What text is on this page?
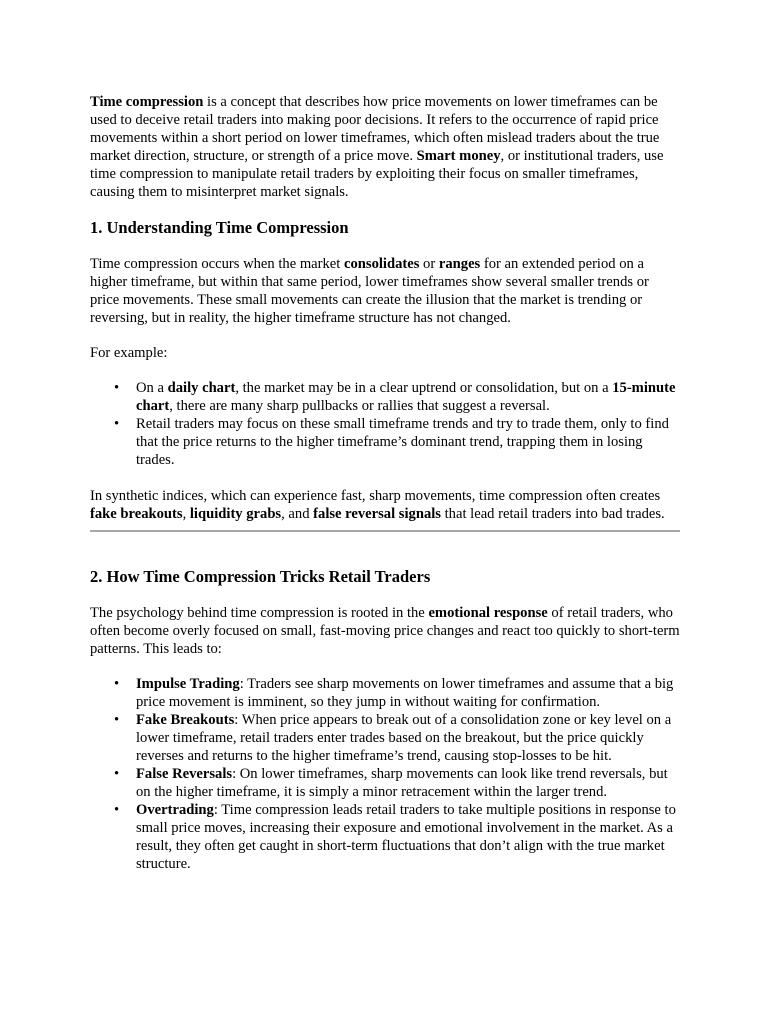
Time compression is a concept that describes how price movements on lower timeframes can be used to deceive retail traders into making poor decisions. It refers to the occurrence of rapid price movements within a short period on lower timeframes, which often mislead traders about the true market direction, structure, or strength of a price move. Smart money, or institutional traders, use time compression to manipulate retail traders by exploiting their focus on smaller timeframes, causing them to misinterpret market signals.

1. Understanding Time Compression

Time compression occurs when the market consolidates or ranges for an extended period on a higher timeframe, but within that same period, lower timeframes show several smaller trends or price movements. These small movements can create the illusion that the market is trending or reversing, but in reality, the higher timeframe structure has not changed.

For example:

• On a daily chart, the market may be in a clear uptrend or consolidation, but on a 15-minute chart, there are many sharp pullbacks or rallies that suggest a reversal.
• Retail traders may focus on these small timeframe trends and try to trade them, only to find that the price returns to the higher timeframe’s dominant trend, trapping them in losing trades.

In synthetic indices, which can experience fast, sharp movements, time compression often creates fake breakouts, liquidity grabs, and false reversal signals that lead retail traders into bad trades.

2. How Time Compression Tricks Retail Traders

The psychology behind time compression is rooted in the emotional response of retail traders, who often become overly focused on small, fast-moving price changes and react too quickly to short-term patterns. This leads to:

• Impulse Trading: Traders see sharp movements on lower timeframes and assume that a big price movement is imminent, so they jump in without waiting for confirmation.
• Fake Breakouts: When price appears to break out of a consolidation zone or key level on a lower timeframe, retail traders enter trades based on the breakout, but the price quickly reverses and returns to the higher timeframe’s trend, causing stop-losses to be hit.
• False Reversals: On lower timeframes, sharp movements can look like trend reversals, but on the higher timeframe, it is simply a minor retracement within the larger trend.
• Overtrading: Time compression leads retail traders to take multiple positions in response to small price moves, increasing their exposure and emotional involvement in the market. As a result, they often get caught in short-term fluctuations that don’t align with the true market structure.
